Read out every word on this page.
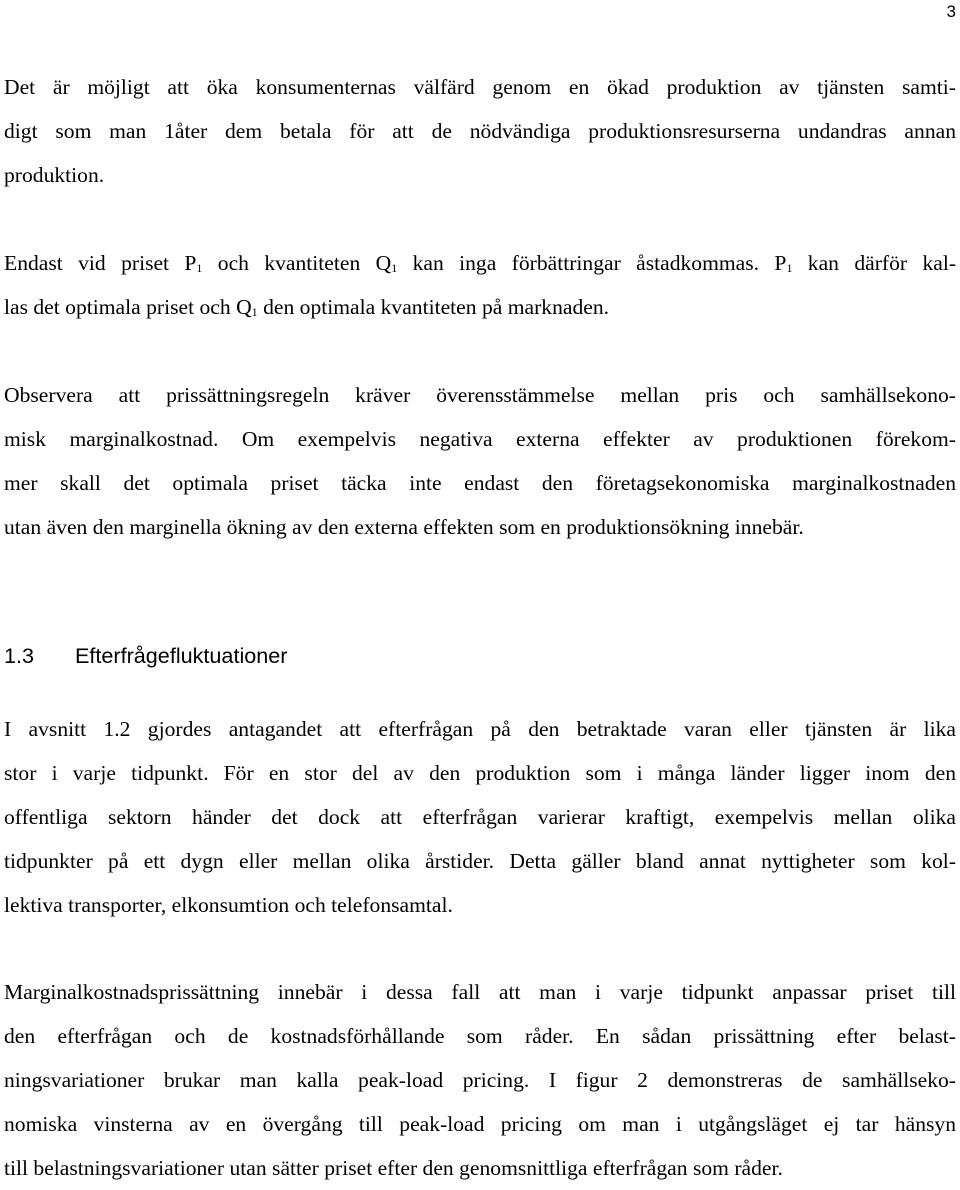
3
Det är möjligt att öka konsumenternas välfärd genom en ökad produktion av tjänsten samti-
digt som man 1åter dem betala för att de nödvändiga produktionsresurserna undandras annan
produktion.
Endast vid priset $P_1$ och kvantiteten $Q_1$ kan inga förbättringar åstadkommas. $P_1$ kan därför kal-
las det optimala priset och $Q_1$ den optimala kvantiteten på marknaden.
Observera att prissättningsregeln kräver överensstämmelse mellan pris och samhällsekono-
misk marginalkostnad. Om exempelvis negativa externa effekter av produktionen förekom-
mer skall det optimala priset täcka inte endast den företagsekonomiska marginalkostnaden
utan även den marginella ökning av den externa effekten som en produktionsökning innebär.
1.3 Efterfrågefluktuationer
I avsnitt 1.2 gjordes antagandet att efterfrågan på den betraktade varan eller tjänsten är lika
stor i varje tidpunkt. För en stor del av den produktion som i många länder ligger inom den
offentliga sektorn händer det dock att efterfrågan varierar kraftigt, exempelvis mellan olika
tidpunkter på ett dygn eller mellan olika årstider. Detta gäller bland annat nyttigheter som kol-
lektiva transporter, elkonsumtion och telefonsamtal.
Marginalkostnadsprissättning innebär i dessa fall att man i varje tidpunkt anpassar priset till
den efterfrågan och de kostnadsförhållande som råder. En sådan prissättning efter belast-
ningsvariationer brukar man kalla peak-load pricing. I figur 2 demonstreras de samhällseko-
nomiska vinsterna av en övergång till peak-load pricing om man i utgångsläget ej tar hänsyn
till belastningsvariationer utan sätter priset efter den genomsnittliga efterfrågan som råder.
